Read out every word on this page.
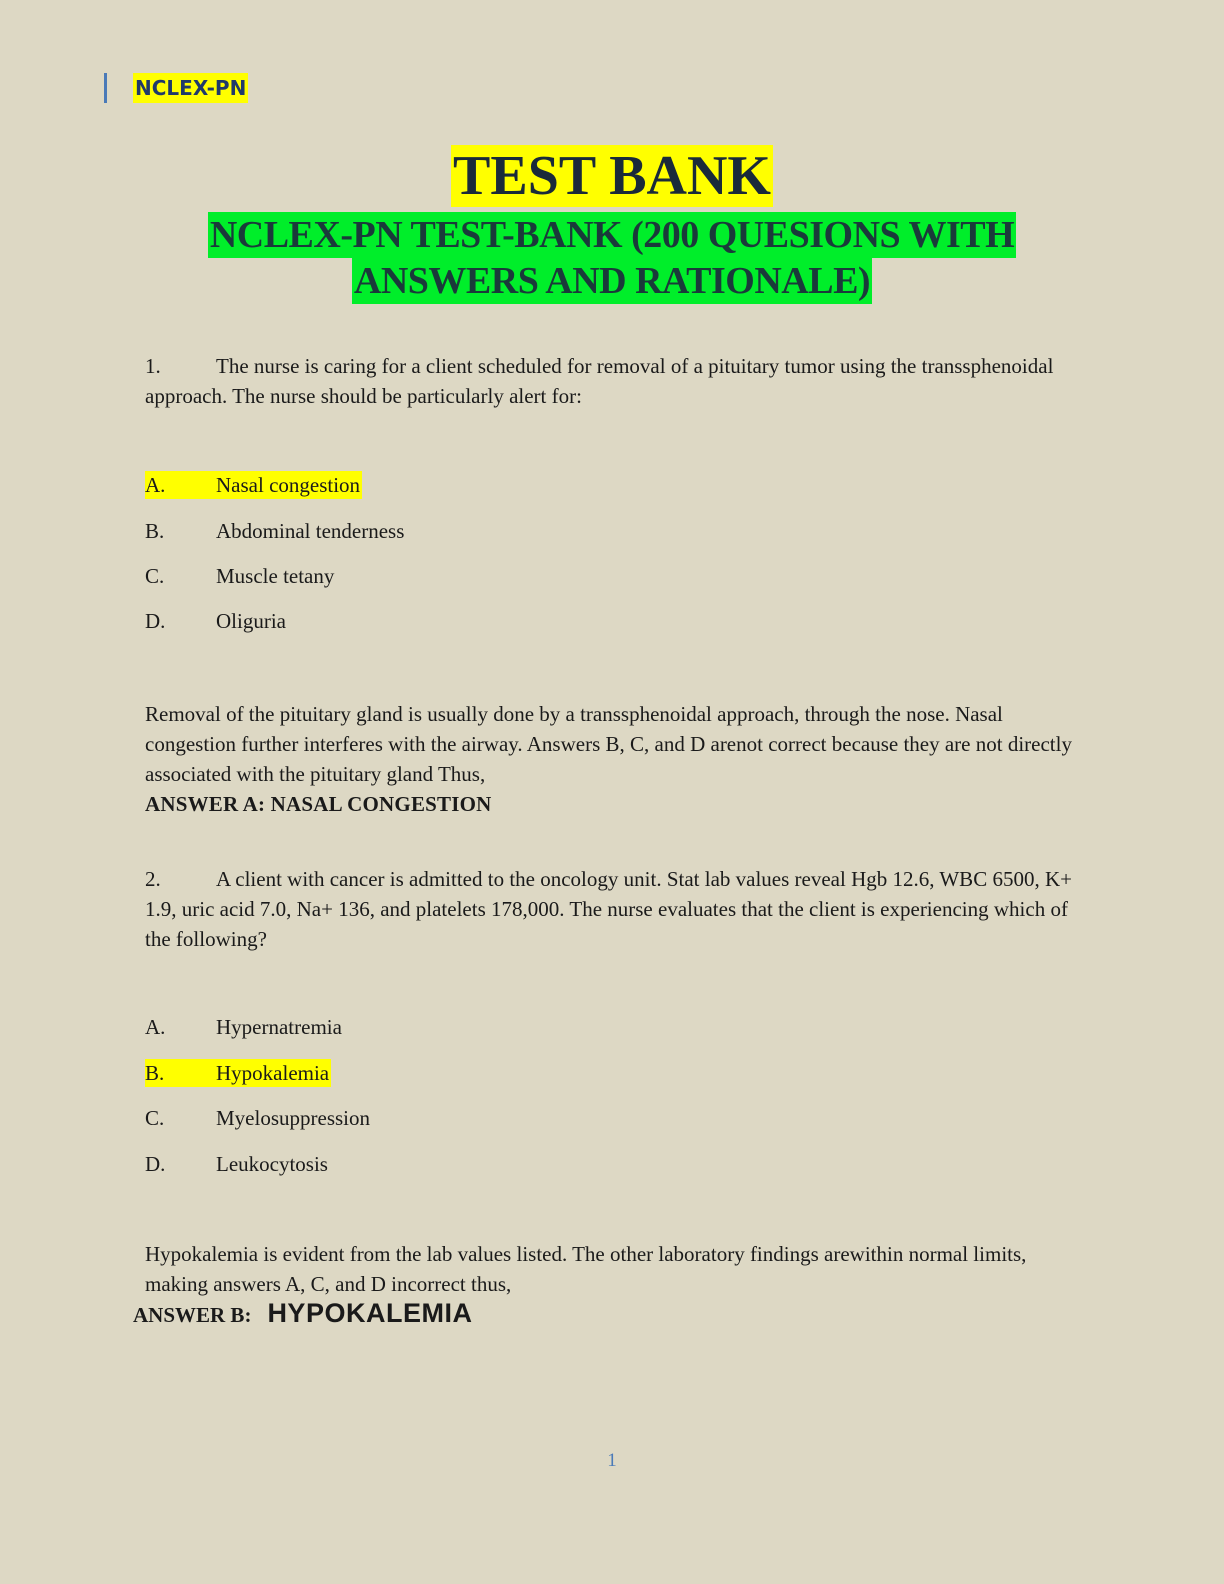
NCLEX-PN
TEST BANK
NCLEX-PN TEST-BANK (200 QUESIONS WITH
ANSWERS AND RATIONALE)

1.	The nurse is caring for a client scheduled for removal of a pituitary tumor using the transsphenoidal approach. The nurse should be particularly alert for:

A. Nasal congestion
B. Abdominal tenderness
C. Muscle tetany
D. Oliguria
Removal of the pituitary gland is usually done by a transsphenoidal approach, through the nose. Nasal congestion further interferes with the airway. Answers B, C, and D arenot correct because they are not directly associated with the pituitary gland Thus,
ANSWER A: NASAL CONGESTION

2.	A client with cancer is admitted to the oncology unit. Stat lab values reveal Hgb 12.6, WBC 6500, K+ 1.9, uric acid 7.0, Na+ 136, and platelets 178,000. The nurse evaluates that the client is experiencing which of the following?

A. Hypernatremia
B. Hypokalemia
C. Myelosuppression
D. Leukocytosis
Hypokalemia is evident from the lab values listed. The other laboratory findings arewithin normal limits, making answers A, C, and D incorrect thus,
ANSWER B: HYPOKALEMIA
1
